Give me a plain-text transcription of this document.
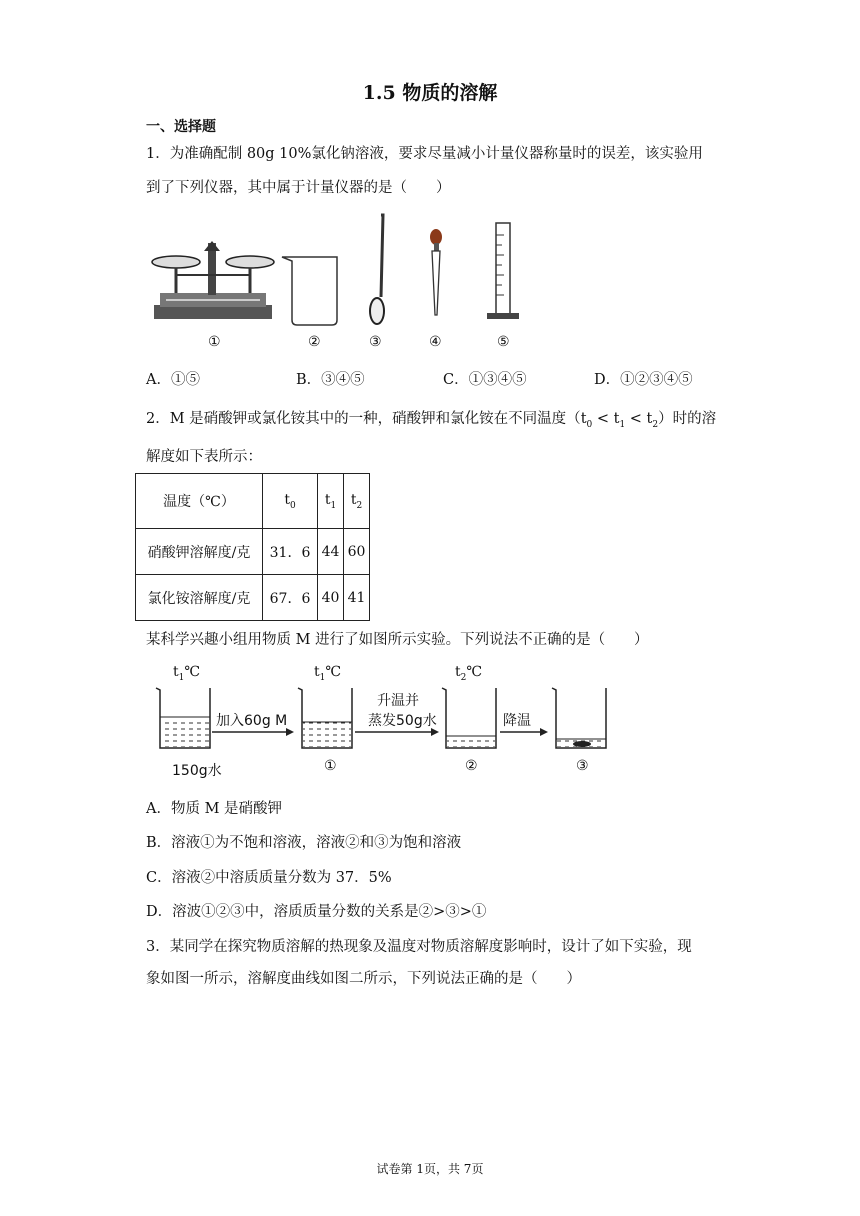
1.5 物质的溶解
一、选择题
1．为准确配制 80g 10%氯化钠溶液，要求尽量减小计量仪器称量时的误差，该实验用
到了下列仪器，其中属于计量仪器的是（　　）
①	②	③	④	⑤
A．①⑤	B．③④⑤	C．①③④⑤	D．①②③④⑤
2．M 是硝酸钾或氯化铵其中的一种，硝酸钾和氯化铵在不同温度$(t_0 < t_1 < t_2)$时的溶
解度如下表所示：
温度（℃）	$t_0$	$t_1$	$t_2$
硝酸钾溶解度/克	31．6	44	60
氯化铵溶解度/克	67．6	40	41
某科学兴趣小组用物质 M 进行了如图所示实验。下列说法不正确的是（　　）
$t_1℃$	$t_1℃$	$t_2℃$
加入60g M
升温并
蒸发50g水	降温
150g水	①	②	③
A．物质 M 是硝酸钾
B．溶液①为不饱和溶液，溶液②和③为饱和溶液
C．溶液②中溶质质量分数为 37．5%
D．溶波①②③中，溶质质量分数的关系是②>③>①
3．某同学在探究物质溶解的热现象及温度对物质溶解度影响时，设计了如下实验，现
象如图一所示，溶解度曲线如图二所示，下列说法正确的是（　　）
试卷第 1页，共 7页
